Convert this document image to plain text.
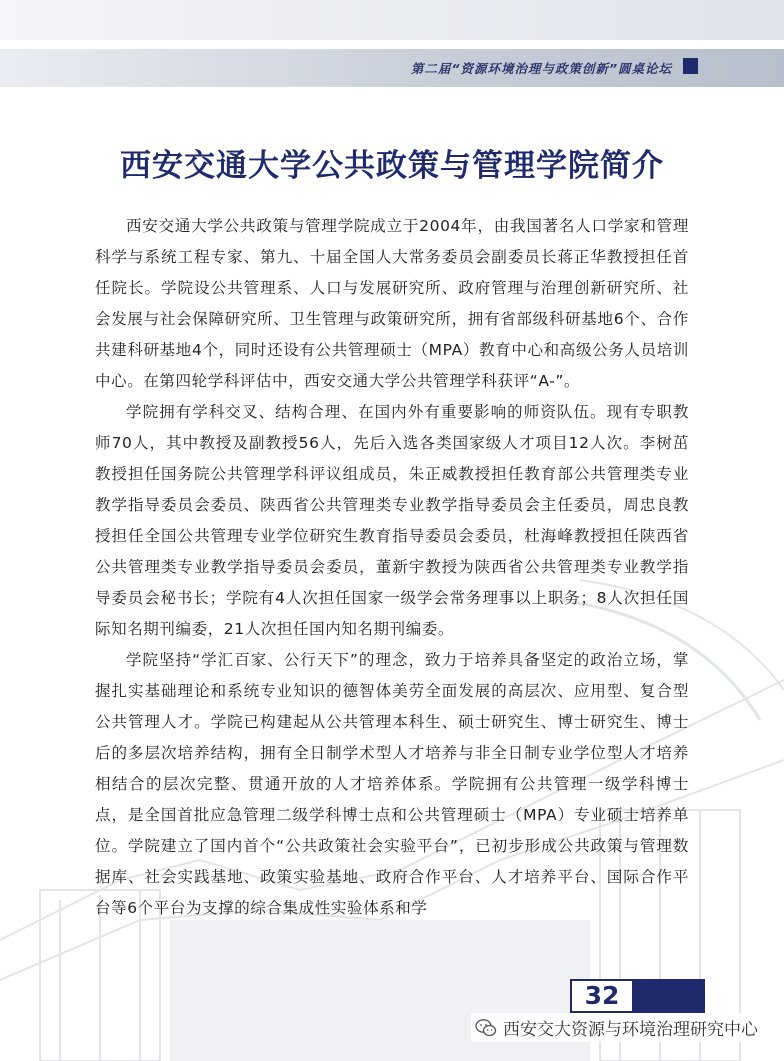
第二届“资源环境治理与政策创新”圆桌论坛
西安交通大学公共政策与管理学院简介

西安交通大学公共政策与管理学院成立于2004年，由我国著名人口学家和管理科学与系统工程专家、第九、十届全国人大常务委员会副委员长蒋正华教授担任首任院长。学院设公共管理系、人口与发展研究所、政府管理与治理创新研究所、社会发展与社会保障研究所、卫生管理与政策研究所，拥有省部级科研基地6个、合作共建科研基地4个，同时还设有公共管理硕士（MPA）教育中心和高级公务人员培训中心。在第四轮学科评估中，西安交通大学公共管理学科获评“A-”。

学院拥有学科交叉、结构合理、在国内外有重要影响的师资队伍。现有专职教师70人，其中教授及副教授56人，先后入选各类国家级人才项目12人次。李树茁教授担任国务院公共管理学科评议组成员，朱正威教授担任教育部公共管理类专业教学指导委员会委员、陕西省公共管理类专业教学指导委员会主任委员，周忠良教授担任全国公共管理专业学位研究生教育指导委员会委员，杜海峰教授担任陕西省公共管理类专业教学指导委员会委员，董新宇教授为陕西省公共管理类专业教学指导委员会秘书长；学院有4人次担任国家一级学会常务理事以上职务；8人次担任国际知名期刊编委，21人次担任国内知名期刊编委。

学院坚持“学汇百家、公行天下”的理念，致力于培养具备坚定的政治立场，掌握扎实基础理论和系统专业知识的德智体美劳全面发展的高层次、应用型、复合型公共管理人才。学院已构建起从公共管理本科生、硕士研究生、博士研究生、博士后的多层次培养结构，拥有全日制学术型人才培养与非全日制专业学位型人才培养相结合的层次完整、贯通开放的人才培养体系。学院拥有公共管理一级学科博士点，是全国首批应急管理二级学科博士点和公共管理硕士（MPA）专业硕士培养单位。学院建立了国内首个“公共政策社会实验平台”，已初步形成公共政策与管理数据库、社会实践基地、政策实验基地、政府合作平台、人才培养平台、国际合作平台等6个平台为支撑的综合集成性实验体系和学

32
西安交大资源与环境治理研究中心
